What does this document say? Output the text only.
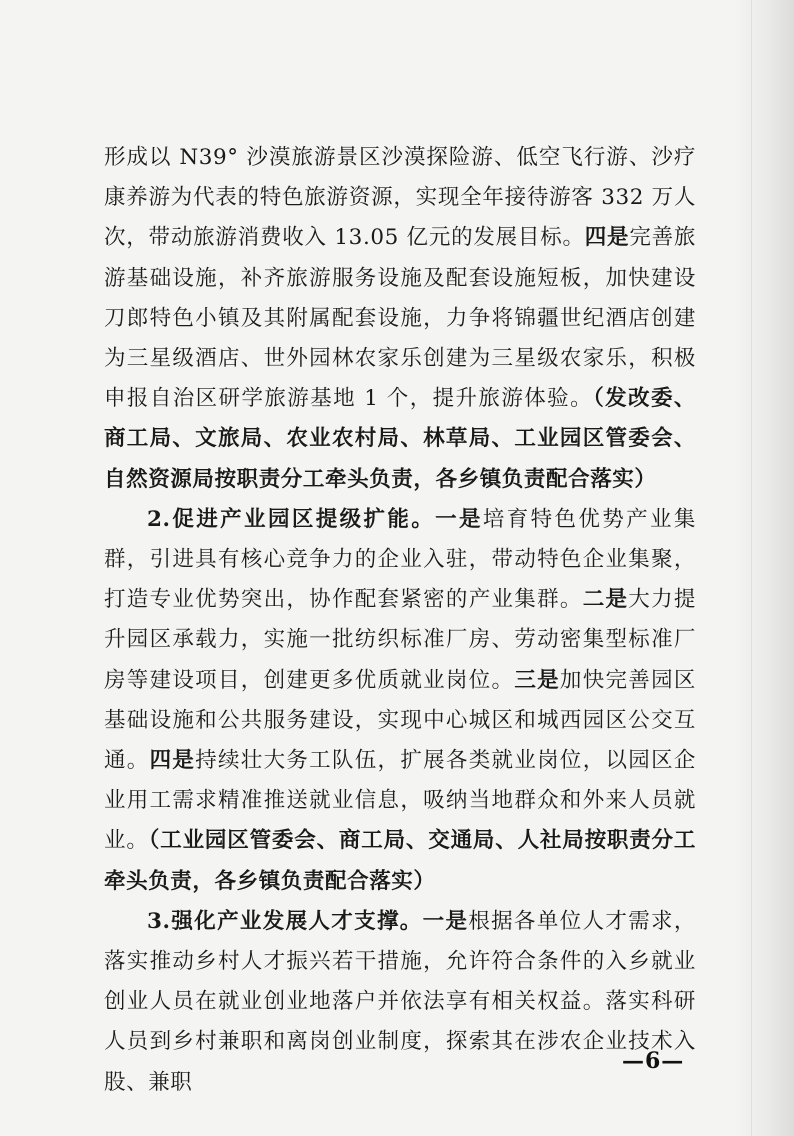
形成以 N39° 沙漠旅游景区沙漠探险游、低空飞行游、沙疗康养游为代表的特色旅游资源，实现全年接待游客 332 万人次，带动旅游消费收入 13.05 亿元的发展目标。四是完善旅游基础设施，补齐旅游服务设施及配套设施短板，加快建设刀郎特色小镇及其附属配套设施，力争将锦疆世纪酒店创建为三星级酒店、世外园林农家乐创建为三星级农家乐，积极申报自治区研学旅游基地 1 个，提升旅游体验。（发改委、商工局、文旅局、农业农村局、林草局、工业园区管委会、自然资源局按职责分工牵头负责，各乡镇负责配合落实）

2.促进产业园区提级扩能。一是培育特色优势产业集群，引进具有核心竞争力的企业入驻，带动特色企业集聚，打造专业优势突出，协作配套紧密的产业集群。二是大力提升园区承载力，实施一批纺织标准厂房、劳动密集型标准厂房等建设项目，创建更多优质就业岗位。三是加快完善园区基础设施和公共服务建设，实现中心城区和城西园区公交互通。四是持续壮大务工队伍，扩展各类就业岗位，以园区企业用工需求精准推送就业信息，吸纳当地群众和外来人员就业。（工业园区管委会、商工局、交通局、人社局按职责分工牵头负责，各乡镇负责配合落实）

3.强化产业发展人才支撑。一是根据各单位人才需求，落实推动乡村人才振兴若干措施，允许符合条件的入乡就业创业人员在就业创业地落户并依法享有相关权益。落实科研人员到乡村兼职和离岗创业制度，探索其在涉农企业技术入股、兼职

—6—
